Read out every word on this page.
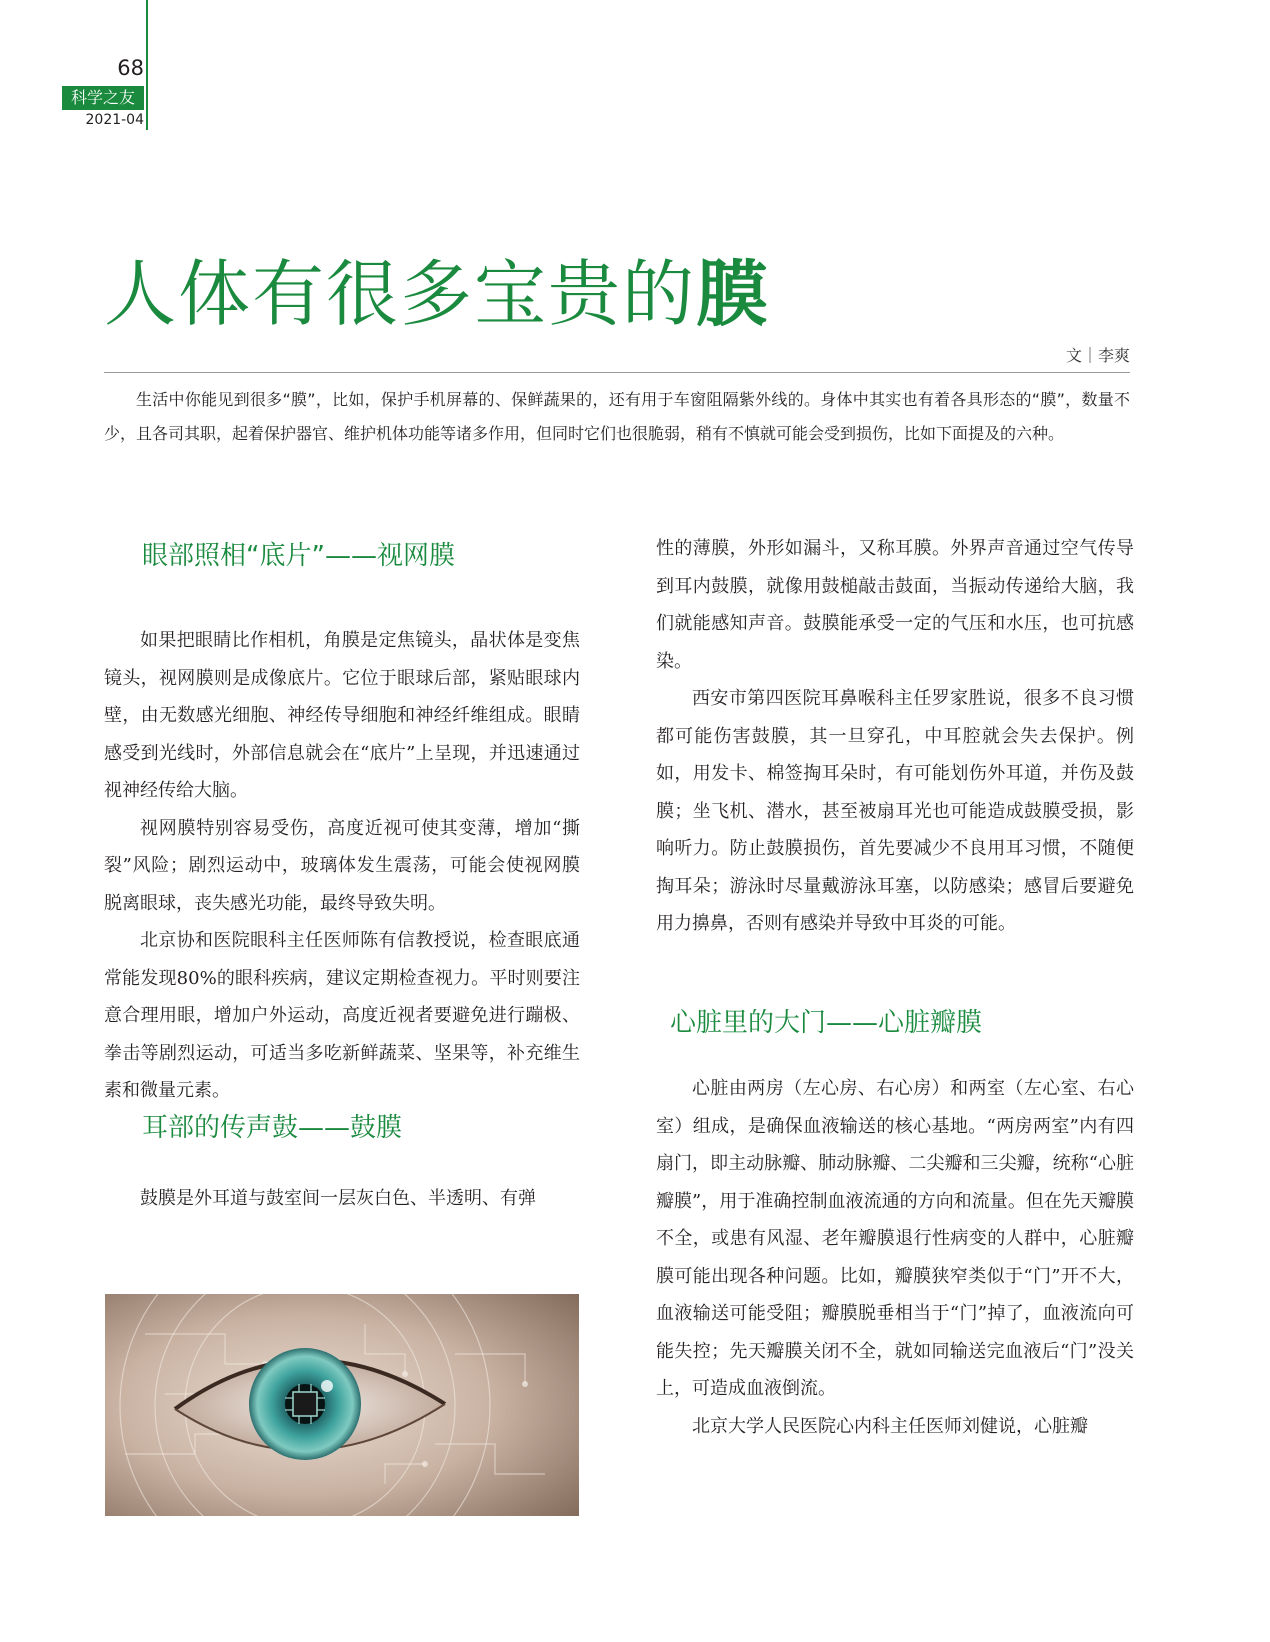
68
科学之友
2021-04
人体有很多宝贵的膜
文｜李爽
生活中你能见到很多“膜”，比如，保护手机屏幕的、保鲜蔬果的，还有用于车窗阻隔紫外线的。身体中其实也有着各具形态的“膜”，数量不少，且各司其职，起着保护器官、维护机体功能等诸多作用，但同时它们也很脆弱，稍有不慎就可能会受到损伤，比如下面提及的六种。
眼部照相“底片”——视网膜

如果把眼睛比作相机，角膜是定焦镜头，晶状体是变焦镜头，视网膜则是成像底片。它位于眼球后部，紧贴眼球内壁，由无数感光细胞、神经传导细胞和神经纤维组成。眼睛感受到光线时，外部信息就会在“底片”上呈现，并迅速通过视神经传给大脑。

视网膜特别容易受伤，高度近视可使其变薄，增加“撕裂”风险；剧烈运动中，玻璃体发生震荡，可能会使视网膜脱离眼球，丧失感光功能，最终导致失明。

北京协和医院眼科主任医师陈有信教授说，检查眼底通常能发现80%的眼科疾病，建议定期检查视力。平时则要注意合理用眼，增加户外运动，高度近视者要避免进行蹦极、拳击等剧烈运动，可适当多吃新鲜蔬菜、坚果等，补充维生素和微量元素。

耳部的传声鼓——鼓膜

鼓膜是外耳道与鼓室间一层灰白色、半透明、有弹

性的薄膜，外形如漏斗，又称耳膜。外界声音通过空气传导到耳内鼓膜，就像用鼓槌敲击鼓面，当振动传递给大脑，我们就能感知声音。鼓膜能承受一定的气压和水压，也可抗感染。

西安市第四医院耳鼻喉科主任罗家胜说，很多不良习惯都可能伤害鼓膜，其一旦穿孔，中耳腔就会失去保护。例如，用发卡、棉签掏耳朵时，有可能划伤外耳道，并伤及鼓膜；坐飞机、潜水，甚至被扇耳光也可能造成鼓膜受损，影响听力。防止鼓膜损伤，首先要减少不良用耳习惯，不随便掏耳朵；游泳时尽量戴游泳耳塞，以防感染；感冒后要避免用力擤鼻，否则有感染并导致中耳炎的可能。

心脏里的大门——心脏瓣膜

心脏由两房（左心房、右心房）和两室（左心室、右心室）组成，是确保血液输送的核心基地。“两房两室”内有四扇门，即主动脉瓣、肺动脉瓣、二尖瓣和三尖瓣，统称“心脏瓣膜”，用于准确控制血液流通的方向和流量。但在先天瓣膜不全，或患有风湿、老年瓣膜退行性病变的人群中，心脏瓣膜可能出现各种问题。比如，瓣膜狭窄类似于“门”开不大，血液输送可能受阻；瓣膜脱垂相当于“门”掉了，血液流向可能失控；先天瓣膜关闭不全，就如同输送完血液后“门”没关上，可造成血液倒流。

北京大学人民医院心内科主任医师刘健说，心脏瓣
